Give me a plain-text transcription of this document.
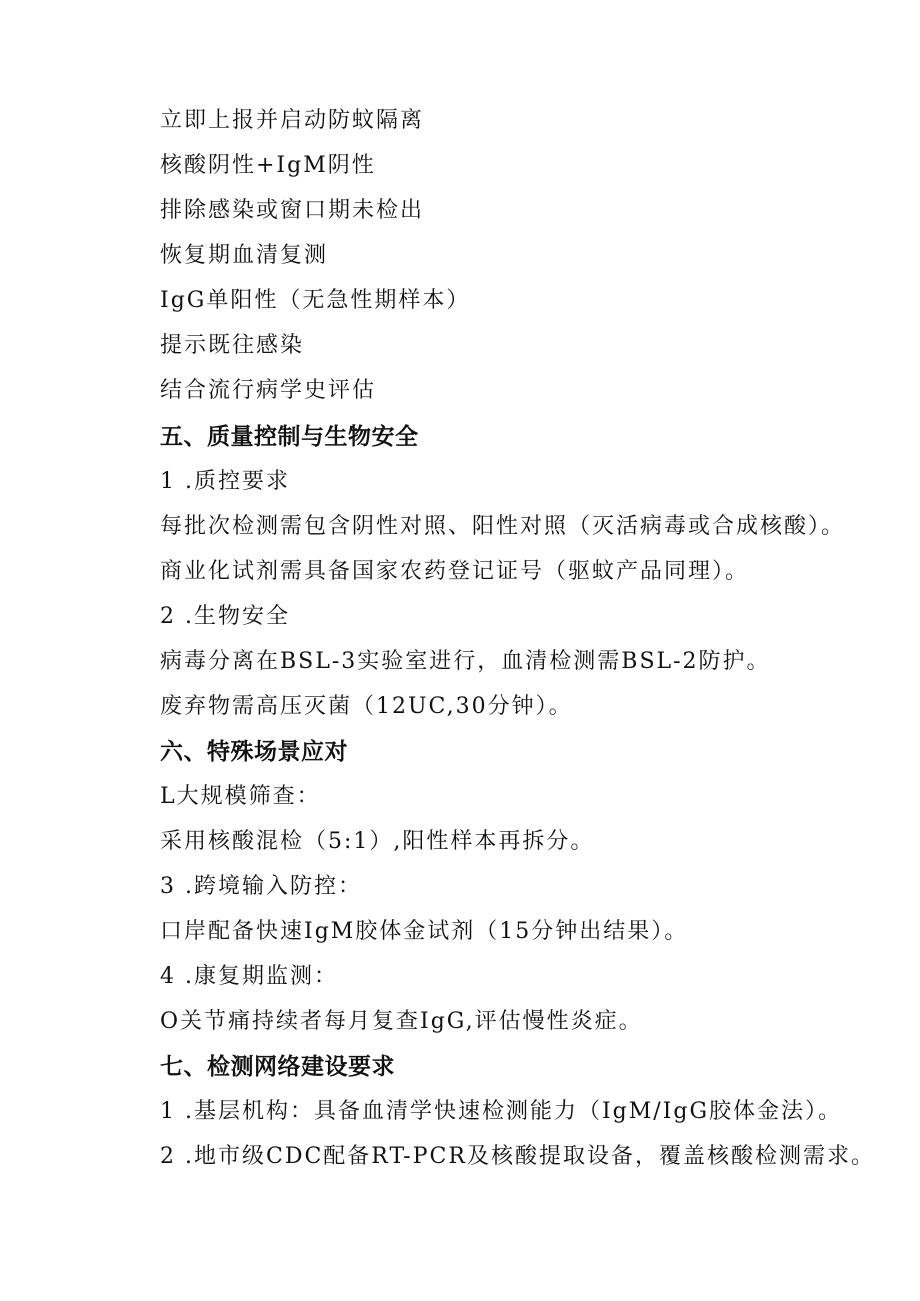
立即上报并启动防蚊隔离
核酸阴性+IgM阴性
排除感染或窗口期未检出
恢复期血清复测
IgG单阳性（无急性期样本）
提示既往感染
结合流行病学史评估
五、质量控制与生物安全
1 .质控要求
每批次检测需包含阴性对照、阳性对照（灭活病毒或合成核酸）。
商业化试剂需具备国家农药登记证号（驱蚊产品同理）。
2 .生物安全
病毒分离在BSL-3实验室进行，血清检测需BSL-2防护。
废弃物需高压灭菌（12UC,30分钟）。
六、特殊场景应对
L大规模筛查：
采用核酸混检（5:1）,阳性样本再拆分。
3 .跨境输入防控：
口岸配备快速IgM胶体金试剂（15分钟出结果）。
4 .康复期监测：
O关节痛持续者每月复查IgG,评估慢性炎症。
七、检测网络建设要求
1 .基层机构：具备血清学快速检测能力（IgM/IgG胶体金法）。
2 .地市级CDC配备RT-PCR及核酸提取设备，覆盖核酸检测需求。
